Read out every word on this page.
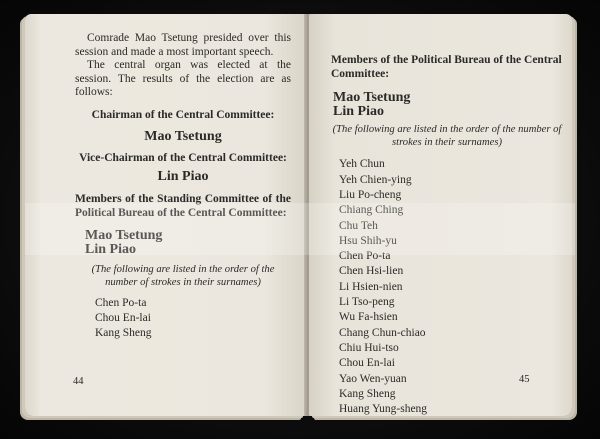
Comrade Mao Tsetung presided over this session and made a most important speech.

The central organ was elected at the session. The results of the election are as follows:

Chairman of the Central Committee:

Mao Tsetung

Vice-Chairman of the Central Committee:

Lin Piao

Members of the Standing Committee of the Political Bureau of the Central Committee:

Mao Tsetung

Lin Piao

(The following are listed in the order of the number of strokes in their surnames)

Chen Po-ta

Chou En-lai

Kang Sheng

44

Members of the Political Bureau of the Central Committee:

Mao Tsetung

Lin Piao

(The following are listed in the order of the number of strokes in their surnames)

Yeh Chun

Yeh Chien-ying

Liu Po-cheng

Chiang Ching

Chu Teh

Hsu Shih-yu

Chen Po-ta

Chen Hsi-lien

Li Hsien-nien

Li Tso-peng

Wu Fa-hsien

Chang Chun-chiao

Chiu Hui-tso

Chou En-lai

Yao Wen-yuan

Kang Sheng

Huang Yung-sheng

45
